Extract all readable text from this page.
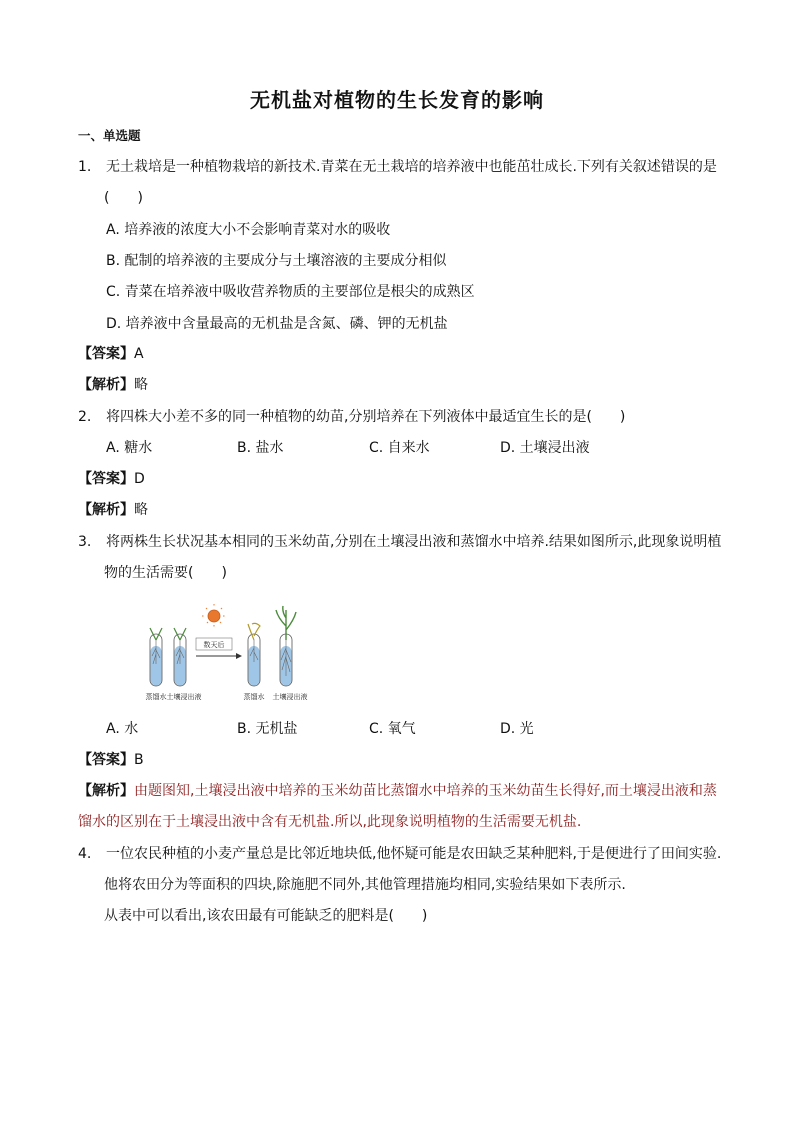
无机盐对植物的生长发育的影响
一、单选题
1. 无土栽培是一种植物栽培的新技术.青菜在无土栽培的培养液中也能茁壮成长.下列有关叙述错误的是
(　　)
A. 培养液的浓度大小不会影响青菜对水的吸收
B. 配制的培养液的主要成分与土壤溶液的主要成分相似
C. 青菜在培养液中吸收营养物质的主要部位是根尖的成熟区
D. 培养液中含量最高的无机盐是含氮、磷、钾的无机盐
【答案】A
【解析】略
2. 将四株大小差不多的同一种植物的幼苗,分别培养在下列液体中最适宜生长的是(　　)
A. 糖水	B. 盐水	C. 自来水	D. 土壤浸出液
【答案】D
【解析】略
3. 将两株生长状况基本相同的玉米幼苗,分别在土壤浸出液和蒸馏水中培养.结果如图所示,此现象说明植
物的生活需要(　　)
数天后
蒸馏水 土壤浸出液	蒸馏水 土壤浸出液
A. 水	B. 无机盐	C. 氧气	D. 光
【答案】B
【解析】由题图知,土壤浸出液中培养的玉米幼苗比蒸馏水中培养的玉米幼苗生长得好,而土壤浸出液和蒸
馏水的区别在于土壤浸出液中含有无机盐.所以,此现象说明植物的生活需要无机盐.
4. 一位农民种植的小麦产量总是比邻近地块低,他怀疑可能是农田缺乏某种肥料,于是便进行了田间实验.
他将农田分为等面积的四块,除施肥不同外,其他管理措施均相同,实验结果如下表所示.
从表中可以看出,该农田最有可能缺乏的肥料是(　　)
